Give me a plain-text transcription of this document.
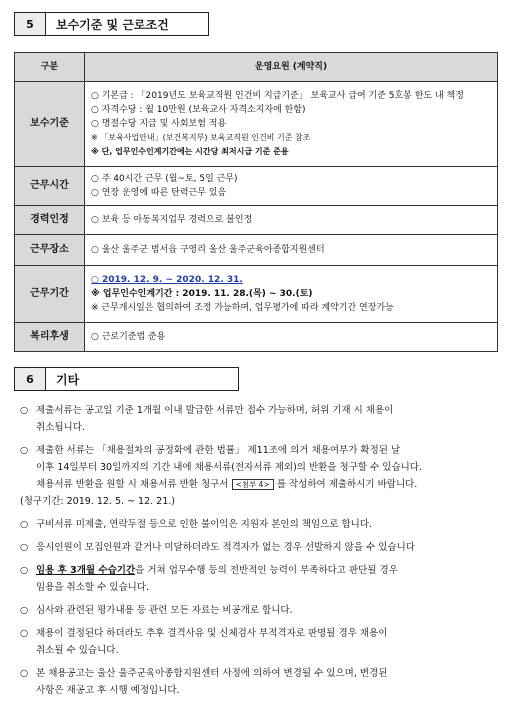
5	보수기준 및 근로조건
구분	운영요원 (계약직)
보수기준	○ 기본급 : 「2019년도 보육교직원 인건비 지급기준」 보육교사 급여 기준 5호봉 한도 내 책정
○ 자격수당 : 월 10만원 (보육교사 자격소지자에 한함)
○ 명절수당 지급 및 사회보험 적용
※ 「보육사업안내」(보건복지부) 보육교직원 인건비 기준 참조
※ 단, 업무인수인계기간에는 시간당 최저시급 기준 준용

근무시간	○ 주 40시간 근무 (월~토, 5일 근무)
○ 연장 운영에 따른 탄력근무 있음

경력인정	○ 보육 등 아동복지업무 경력으로 불인정

근무장소	○ 울산 울주군 범서읍 구영리 울산 울주군육아종합지원센터

근무기간	○ 2019. 12. 9. ~ 2020. 12. 31.
※ 업무인수인계기간 : 2019. 11. 28.(목) ~ 30.(토)
※ 근무개시일은 협의하여 조정 가능하며, 업무평가에 따라 계약기간 연장가능

복리후생	○ 근로기준법 준용
6	기타
○ 제출서류는 공고일 기준 1개월 이내 발급한 서류만 접수 가능하며, 허위 기재 시 채용이
취소됩니다.
○ 제출한 서류는 「채용절차의 공정화에 관한 법률」 제11조에 의거 채용여부가 확정된 날
이후 14일부터 30일까지의 기간 내에 채용서류(전자서류 제외)의 반환을 청구할 수 있습니다.
채용서류 반환을 원할 시 채용서류 반환 청구서 <첨부 4> 를 작성하여 제출하시기 바랍니다.
(청구기간: 2019. 12. 5. ~ 12. 21.)
○ 구비서류 미제출, 연락두절 등으로 인한 불이익은 지원자 본인의 책임으로 합니다.
○ 응시인원이 모집인원과 같거나 미달하더라도 적격자가 없는 경우 선발하지 않을 수 있습니다
○ 임용 후 3개월 수습기간을 거쳐 업무수행 등의 전반적인 능력이 부족하다고 판단될 경우
임용을 취소할 수 있습니다.
○ 심사와 관련된 평가내용 등 관련 모든 자료는 비공개로 합니다.
○ 채용이 결정된다 하더라도 추후 결격사유 및 신체검사 부적격자로 판명될 경우 채용이
취소될 수 있습니다.
○ 본 채용공고는 울산 울주군육아종합지원센터 사정에 의하여 변경될 수 있으며, 변경된
사항은 재공고 후 시행 예정입니다.
